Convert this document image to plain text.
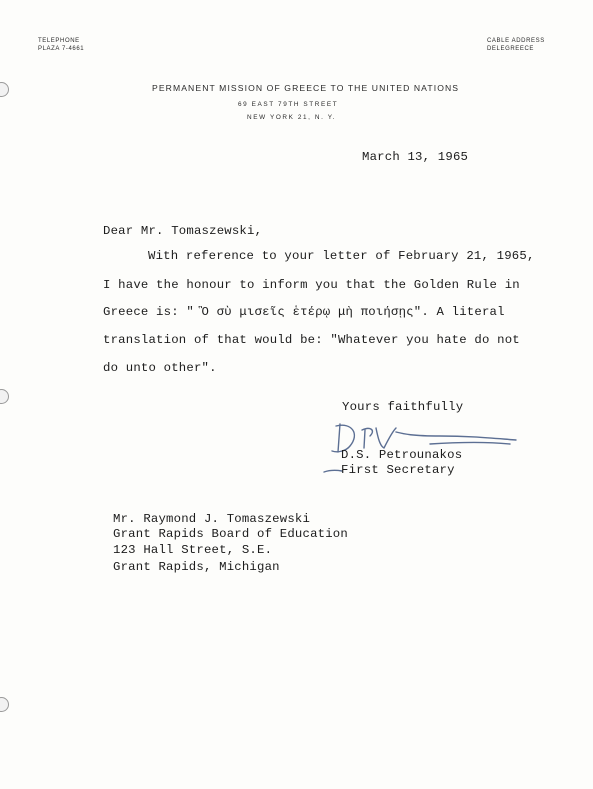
TELEPHONE
PLAZA 7-4661
CABLE ADDRESS
DELEGREECE
PERMANENT MISSION OF GREECE TO THE UNITED NATIONS
69 EAST 79TH STREET
NEW YORK 21, N. Y.
March 13, 1965
Dear Mr. Tomaszewski,
With reference to your letter of February 21, 1965,
I have the honour to inform you that the Golden Rule in
Greece is: " Ὃ σὺ μισεῖς ἑτέρῳ μὴ ποιήσῃς". A literal
translation of that would be: "Whatever you hate do not
do unto other".
Yours faithfully
D.S. Petrounakos
First Secretary
Mr. Raymond J. Tomaszewski
Grant Rapids Board of Education
123 Hall Street, S.E.
Grant Rapids, Michigan
